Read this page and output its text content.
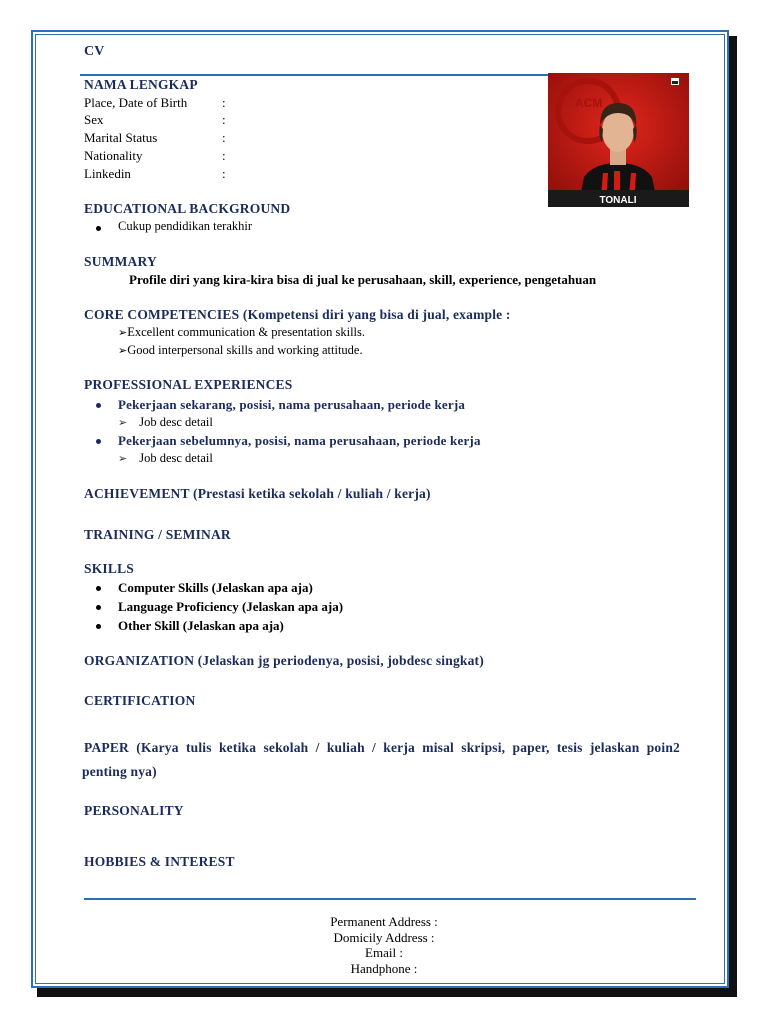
CV
NAMA LENGKAP
Place, Date of Birth	:
Sex	:
Marital Status	:
Nationality	:
Linkedin	:
ACM
TONALI
EDUCATIONAL BACKGROUND
Cukup pendidikan terakhir
SUMMARY
Profile diri yang kira-kira bisa di jual ke perusahaan, skill, experience, pengetahuan
CORE COMPETENCIES (Kompetensi diri yang bisa di jual, example :
➢Excellent communication & presentation skills.
➢Good interpersonal skills and working attitude.
PROFESSIONAL EXPERIENCES
Pekerjaan sekarang, posisi, nama perusahaan, periode kerja
➢ Job desc detail
Pekerjaan sebelumnya, posisi, nama perusahaan, periode kerja
➢ Job desc detail
ACHIEVEMENT (Prestasi ketika sekolah / kuliah / kerja)
TRAINING / SEMINAR
SKILLS
Computer Skills (Jelaskan apa aja)
Language Proficiency (Jelaskan apa aja)
Other Skill (Jelaskan apa aja)
ORGANIZATION (Jelaskan jg periodenya, posisi, jobdesc singkat)
CERTIFICATION
PAPER (Karya tulis ketika sekolah / kuliah / kerja misal skripsi, paper, tesis jelaskan poin2
penting nya)
PERSONALITY
HOBBIES & INTEREST
Permanent Address :
Domicily Address :
Email :
Handphone :
